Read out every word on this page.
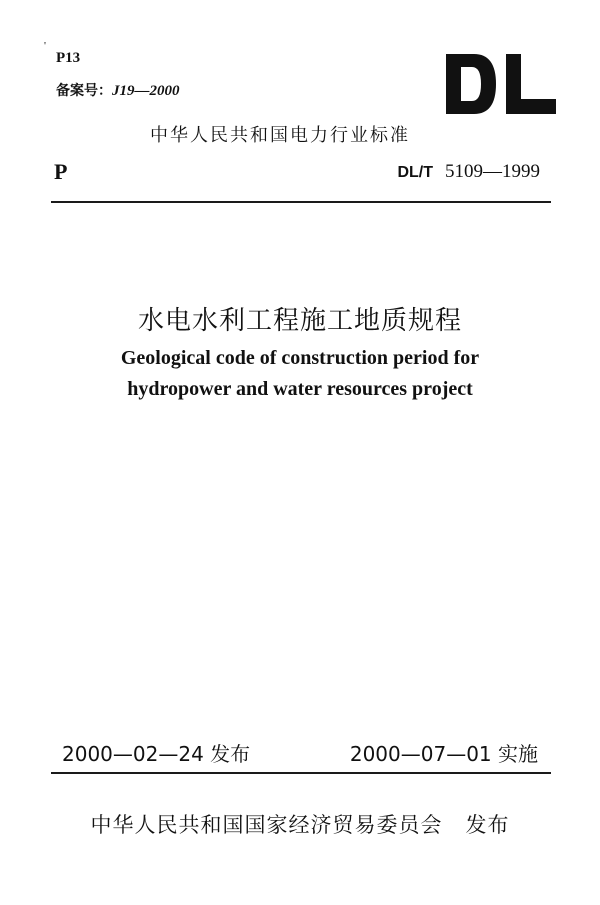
'
P13
备案号：J19—2000
中华人民共和国电力行业标准
P	DL/T 5109—1999
水电水利工程施工地质规程
Geological code of construction period for
hydropower and water resources project
2000—02—24 发布	2000—07—01 实施
中华人民共和国国家经济贸易委员会   发布
